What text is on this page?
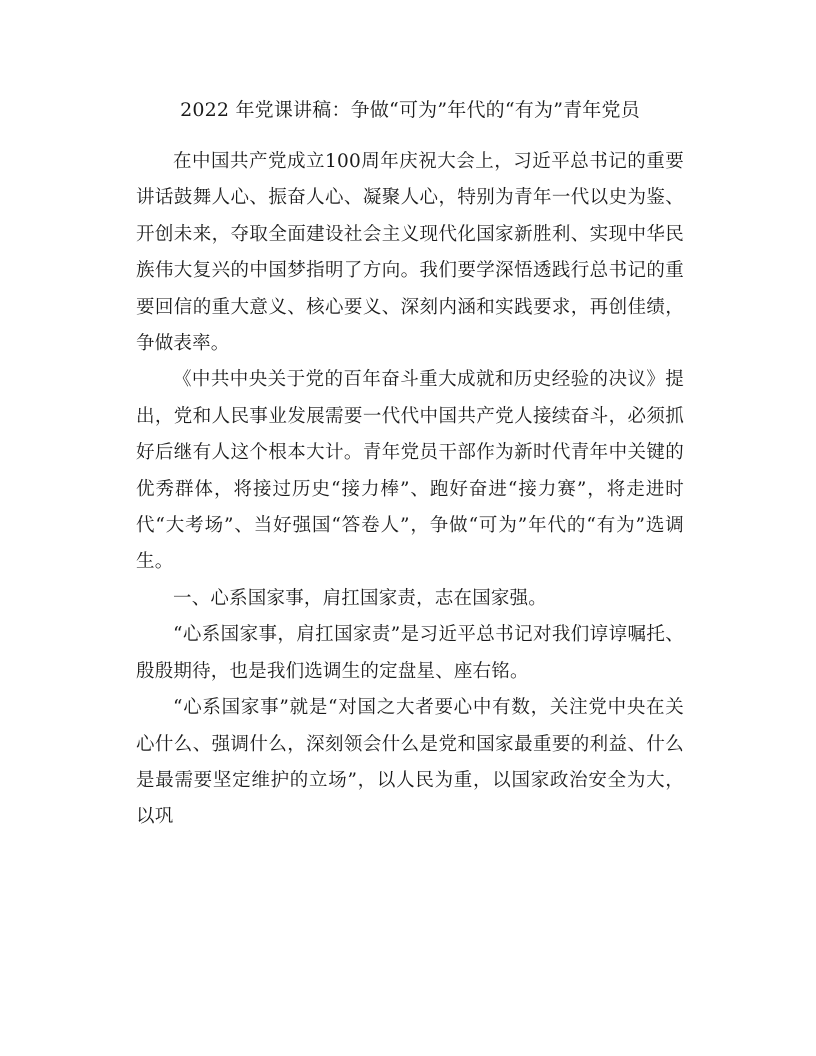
2022 年党课讲稿：争做“可为”年代的“有为”青年党员

在中国共产党成立100周年庆祝大会上，习近平总书记的重要讲话鼓舞人心、振奋人心、凝聚人心，特别为青年一代以史为鉴、开创未来，夺取全面建设社会主义现代化国家新胜利、实现中华民族伟大复兴的中国梦指明了方向。我们要学深悟透践行总书记的重要回信的重大意义、核心要义、深刻内涵和实践要求，再创佳绩，争做表率。

《中共中央关于党的百年奋斗重大成就和历史经验的决议》提出，党和人民事业发展需要一代代中国共产党人接续奋斗，必须抓好后继有人这个根本大计。青年党员干部作为新时代青年中关键的优秀群体，将接过历史“接力棒”、跑好奋进“接力赛”，将走进时代“大考场”、当好强国“答卷人”，争做“可为”年代的“有为”选调生。

一、心系国家事，肩扛国家责，志在国家强。

“心系国家事，肩扛国家责”是习近平总书记对我们谆谆嘱托、殷殷期待，也是我们选调生的定盘星、座右铭。

“心系国家事”就是“对国之大者要心中有数，关注党中央在关心什么、强调什么，深刻领会什么是党和国家最重要的利益、什么是最需要坚定维护的立场”，以人民为重，以国家政治安全为大，以巩
